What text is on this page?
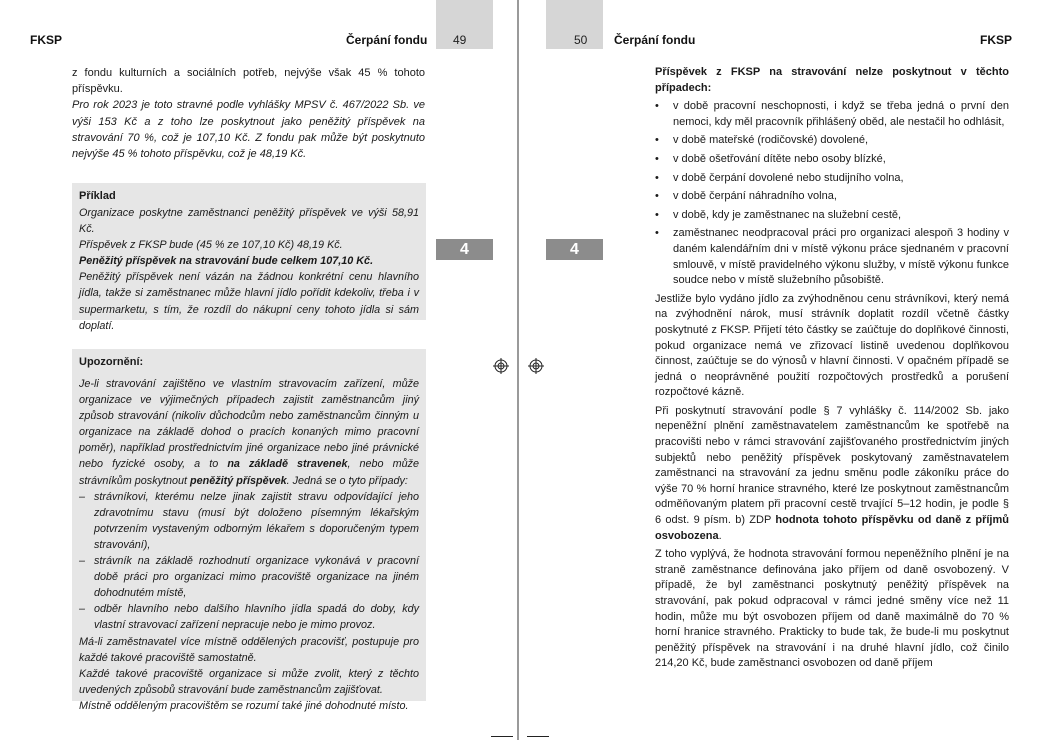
49
FKSP	Čerpání fondu

z fondu kulturních a sociálních potřeb, nejvýše však 45 % tohoto příspěvku.

Pro rok 2023 je toto stravné podle vyhlášky MPSV č. 467/2022 Sb. ve výši 153 Kč a z toho lze poskytnout jako peněžitý příspěvek na stravování 70 %, což je 107,10 Kč. Z fondu pak může být poskytnuto nejvýše 45 % tohoto příspěvku, což je 48,19 Kč.

Příklad

Organizace poskytne zaměstnanci peněžitý příspěvek ve výši 58,91 Kč.

Příspěvek z FKSP bude (45 % ze 107,10 Kč) 48,19 Kč.

Peněžitý příspěvek na stravování bude celkem 107,10 Kč.

Peněžitý příspěvek není vázán na žádnou konkrétní cenu hlavního jídla, takže si zaměstnanec může hlavní jídlo pořídit kdekoliv, třeba i v supermarketu, s tím, že rozdíl do nákupní ceny tohoto jídla si sám doplatí.

4

Upozornění:

Je-li stravování zajištěno ve vlastním stravovacím zařízení, může organizace ve výjimečných případech zajistit zaměstnancům jiný způsob stravování (nikoliv důchodcům nebo zaměstnancům činným u organizace na základě dohod o pracích konaných mimo pracovní poměr), například prostřednictvím jiné organizace nebo jiné právnické nebo fyzické osoby, a to na základě stravenek, nebo může strávníkům poskytnout peněžitý příspěvek. Jedná se o tyto případy:

– strávníkovi, kterému nelze jinak zajistit stravu odpovídající jeho zdravotnímu stavu (musí být doloženo písemným lékařským potvrzením vystaveným odborným lékařem s doporučeným typem stravování),
– strávník na základě rozhodnutí organizace vykonává v pracovní době práci pro organizaci mimo pracoviště organizace na jiném dohodnutém místě,
– odběr hlavního nebo dalšího hlavního jídla spadá do doby, kdy vlastní stravovací zařízení nepracuje nebo je mimo provoz.

Má-li zaměstnavatel více místně oddělených pracovišť, postupuje pro každé takové pracoviště samostatně.

Každé takové pracoviště organizace si může zvolit, který z těchto uvedených způsobů stravování bude zaměstnancům zajišťovat.

Místně odděleným pracovištěm se rozumí také jiné dohodnuté místo.

50 Čerpání fondu	FKSP
4

Příspěvek z FKSP na stravování nelze poskytnout v těchto případech:

• v době pracovní neschopnosti, i když se třeba jedná o první den nemoci, kdy měl pracovník přihlášený oběd, ale nestačil ho odhlásit,
• v době mateřské (rodičovské) dovolené,
• v době ošetřování dítěte nebo osoby blízké,
• v době čerpání dovolené nebo studijního volna,
• v době čerpání náhradního volna,
• v době, kdy je zaměstnanec na služební cestě,
• zaměstnanec neodpracoval práci pro organizaci alespoň 3 hodiny v daném kalendářním dni v místě výkonu práce sjednaném v pracovní smlouvě, v místě pravidelného výkonu služby, v místě výkonu funkce soudce nebo v místě služebního působiště.

Jestliže bylo vydáno jídlo za zvýhodněnou cenu strávníkovi, který nemá na zvýhodnění nárok, musí strávník doplatit rozdíl včetně částky poskytnuté z FKSP. Přijetí této částky se zaúčtuje do doplňkové činnosti, pokud organizace nemá ve zřizovací listině uvedenou doplňkovou činnost, zaúčtuje se do výnosů v hlavní činnosti. V opačném případě se jedná o neoprávněné použití rozpočtových prostředků a porušení rozpočtové kázně.

Při poskytnutí stravování podle § 7 vyhlášky č. 114/2002 Sb. jako nepeněžní plnění zaměstnavatelem zaměstnancům ke spotřebě na pracovišti nebo v rámci stravování zajišťovaného prostřednictvím jiných subjektů nebo peněžitý příspěvek poskytovaný zaměstnavatelem zaměstnanci na stravování za jednu směnu podle zákoníku práce do výše 70 % horní hranice stravného, které lze poskytnout zaměstnancům odměňovaným platem při pracovní cestě trvající 5–12 hodin, je podle § 6 odst. 9 písm. b) ZDP hodnota tohoto příspěvku od daně z příjmů osvobozena.

Z toho vyplývá, že hodnota stravování formou nepeněžního plnění je na straně zaměstnance definována jako příjem od daně osvobozený. V případě, že byl zaměstnanci poskytnutý peněžitý příspěvek na stravování, pak pokud odpracoval v rámci jedné směny více než 11 hodin, může mu být osvobozen příjem od daně maximálně do 70 % horní hranice stravného. Prakticky to bude tak, že bude-li mu poskytnut peněžitý příspěvek na stravování i na druhé hlavní jídlo, což činilo 214,20 Kč, bude zaměstnanci osvobozen od daně příjem
